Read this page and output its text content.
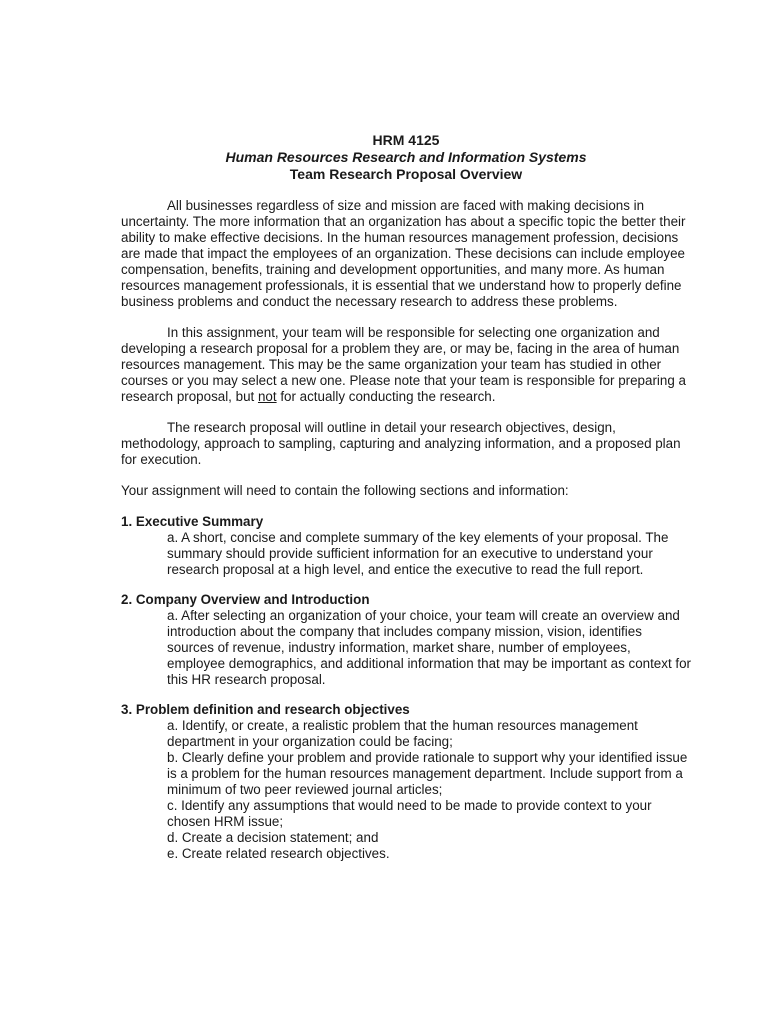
HRM 4125
Human Resources Research and Information Systems
Team Research Proposal Overview

All businesses regardless of size and mission are faced with making decisions in uncertainty. The more information that an organization has about a specific topic the better their ability to make effective decisions. In the human resources management profession, decisions are made that impact the employees of an organization. These decisions can include employee compensation, benefits, training and development opportunities, and many more. As human resources management professionals, it is essential that we understand how to properly define business problems and conduct the necessary research to address these problems.

In this assignment, your team will be responsible for selecting one organization and developing a research proposal for a problem they are, or may be, facing in the area of human resources management. This may be the same organization your team has studied in other courses or you may select a new one. Please note that your team is responsible for preparing a research proposal, but not for actually conducting the research.

The research proposal will outline in detail your research objectives, design, methodology, approach to sampling, capturing and analyzing information, and a proposed plan for execution.

Your assignment will need to contain the following sections and information:

1. Executive Summary
a. A short, concise and complete summary of the key elements of your proposal. The summary should provide sufficient information for an executive to understand your research proposal at a high level, and entice the executive to read the full report.
2. Company Overview and Introduction
a. After selecting an organization of your choice, your team will create an overview and introduction about the company that includes company mission, vision, identifies sources of revenue, industry information, market share, number of employees, employee demographics, and additional information that may be important as context for this HR research proposal.
3. Problem definition and research objectives
a. Identify, or create, a realistic problem that the human resources management department in your organization could be facing;
b. Clearly define your problem and provide rationale to support why your identified issue is a problem for the human resources management department. Include support from a minimum of two peer reviewed journal articles;
c. Identify any assumptions that would need to be made to provide context to your chosen HRM issue;
d. Create a decision statement; and
e. Create related research objectives.
